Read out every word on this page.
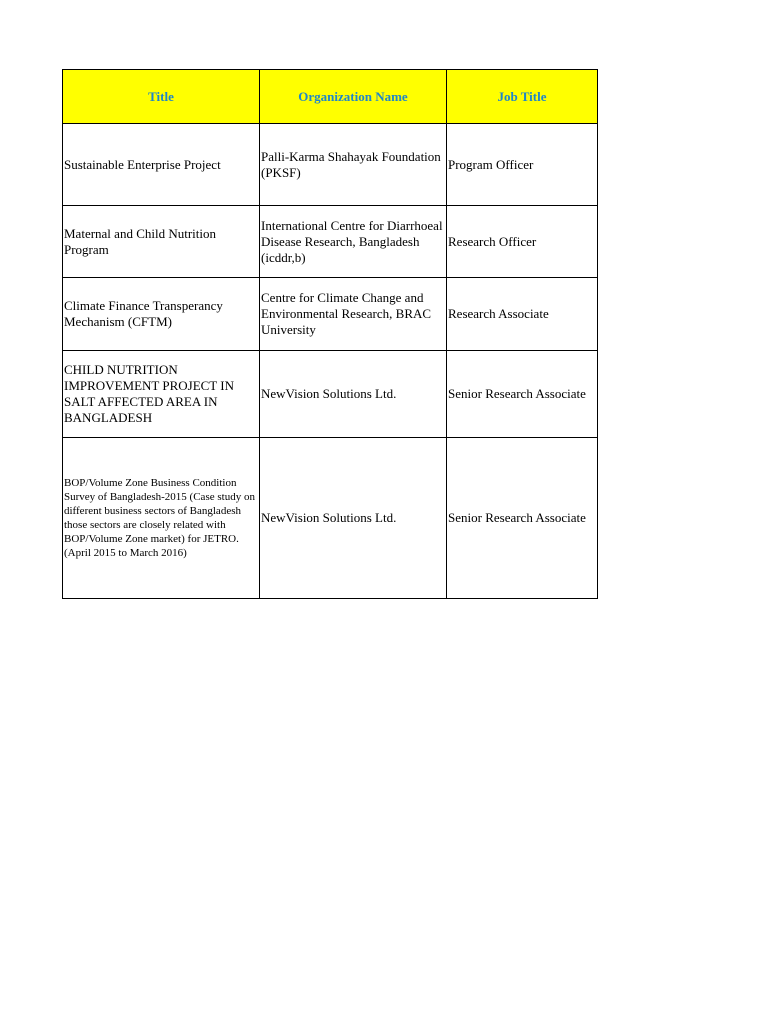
Title	Organization Name	Job Title

Sustainable Enterprise Project	Palli-Karma Shahayak Foundation (PKSF)	Program Officer

Maternal and Child Nutrition Program	International Centre for Diarrhoeal Disease Research, Bangladesh (icddr,b)	Research Officer

Climate Finance Transperancy Mechanism (CFTM)	Centre for Climate Change and Environmental Research, BRAC University	Research Associate

CHILD NUTRITION IMPROVEMENT PROJECT IN SALT AFFECTED AREA IN BANGLADESH	NewVision Solutions Ltd.	Senior Research Associate

BOP/Volume Zone Business Condition Survey of Bangladesh-2015 (Case study on different business sectors of Bangladesh those sectors are closely related with BOP/Volume Zone market) for JETRO. (April 2015 to March 2016)	NewVision Solutions Ltd.	Senior Research Associate
